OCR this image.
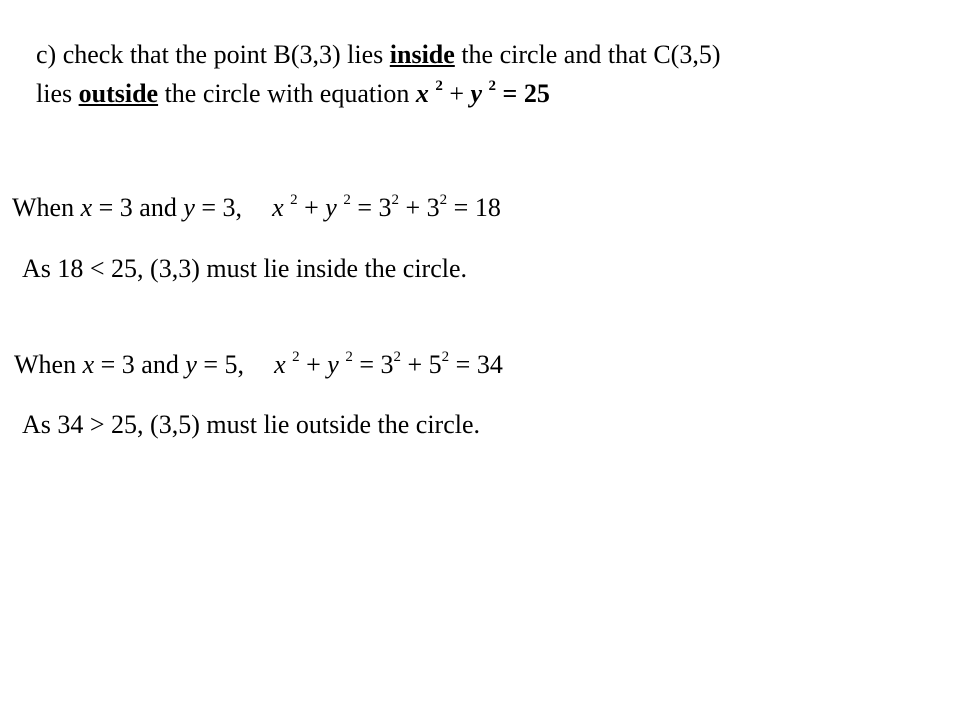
c) check that the point B(3,3) lies inside the circle and that C(3,5)
lies outside the circle with equation x $^2$ + y $^2$ = 25
When x = 3 and y = 3, x $^2$ + y $^2 = 3^2 + 3^2 = 18$
As 18 < 25, (3,3) must lie inside the circle.
When x = 3 and y = 5, x $^2$ + y $^2 = 3^2 + 5^2 = 34$
As 34 > 25, (3,5) must lie outside the circle.
